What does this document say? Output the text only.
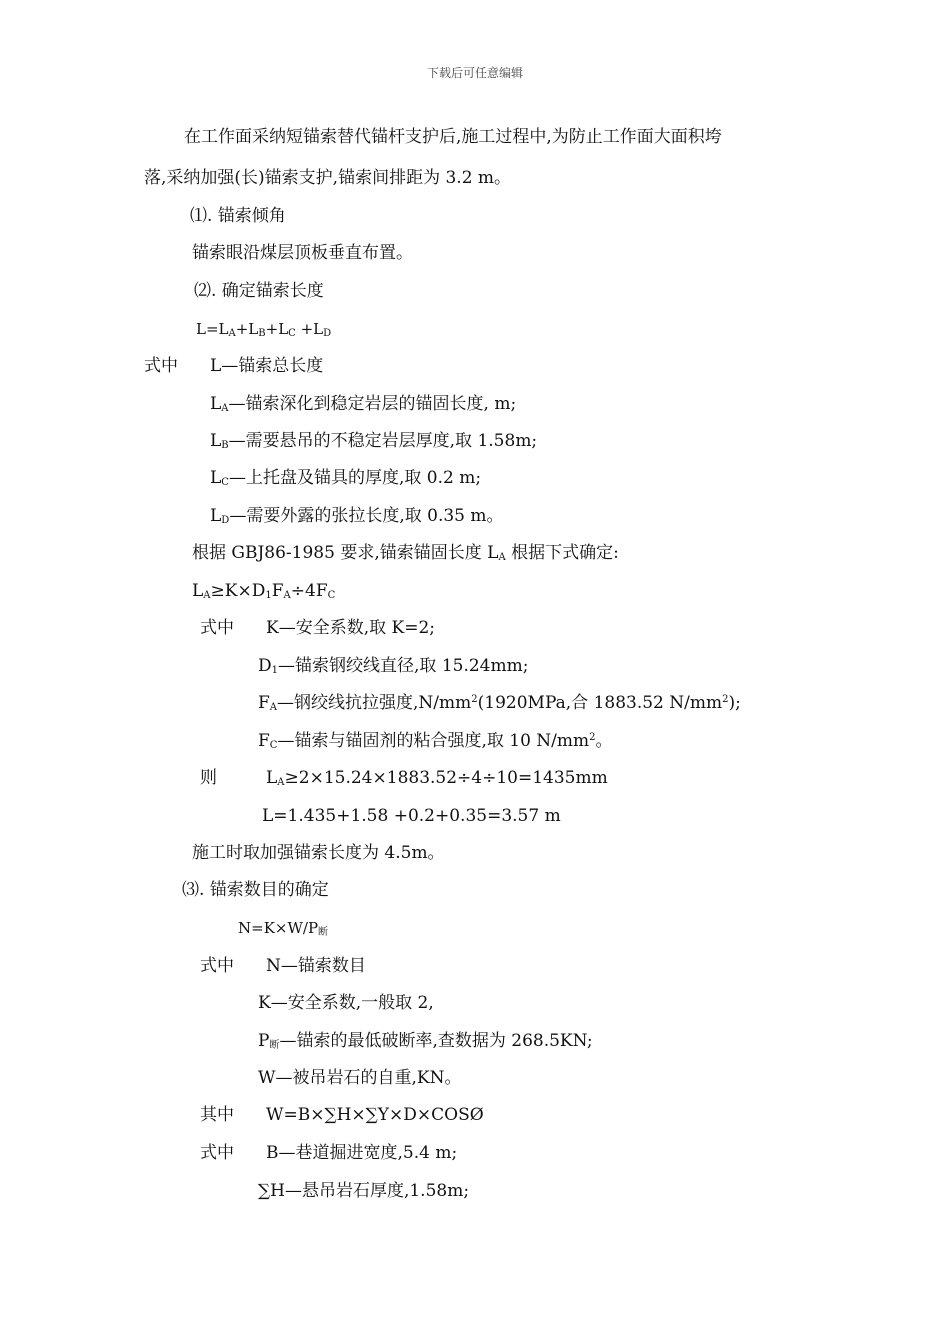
下载后可任意编辑
在工作面采纳短锚索替代锚杆支护后,施工过程中,为防止工作面大面积垮
落,采纳加强(长)锚索支护,锚索间排距为 3.2 m。
⑴. 锚索倾角
锚索眼沿煤层顶板垂直布置。
⑵. 确定锚索长度
$L=L_A+L_B+L_C +L_D$
式中 L—锚索总长度
$L_A—$锚索深化到稳定岩层的锚固长度, m;
$L_B—$需要悬吊的不稳定岩层厚度,取 1.58m;
$L_C—$上托盘及锚具的厚度,取 0.2 m;
$L_D—$需要外露的张拉长度,取 0.35 m。
根据 GBJ86-1985 要求,锚索锚固长度 $L_A$ 根据下式确定:
$L_A\ge K\times D_1F_A\div 4F_C$
式中 K—安全系数,取 K=2;
$D_1—$锚索钢绞线直径,取 15.24mm;
$F_A—$钢绞线抗拉强度$,N/mm^2(1920MPa$,合 1883.52 $N/mm^2$);
$F_C—$锚索与锚固剂的粘合强度,取 10 $N/mm^2$。
则	$L_A\ge 2\times 15.24\times 1883.52\div 4\div 10=1435mm$
L=1.435+1.58 +0.2+0.35=3.57 m
施工时取加强锚索长度为 4.5m。
⑶. 锚索数目的确定
$N=K\times W/P_断$
式中 N—锚索数目
K—安全系数,一般取 2,
$P_断—$锚索的最低破断率,查数据为 268.5KN;
W—被吊岩石的自重,KN。
其中 W=B×∑H×∑Y×D×COSØ
式中 B—巷道掘进宽度,5.4 m;
∑H—悬吊岩石厚度,1.58m;
